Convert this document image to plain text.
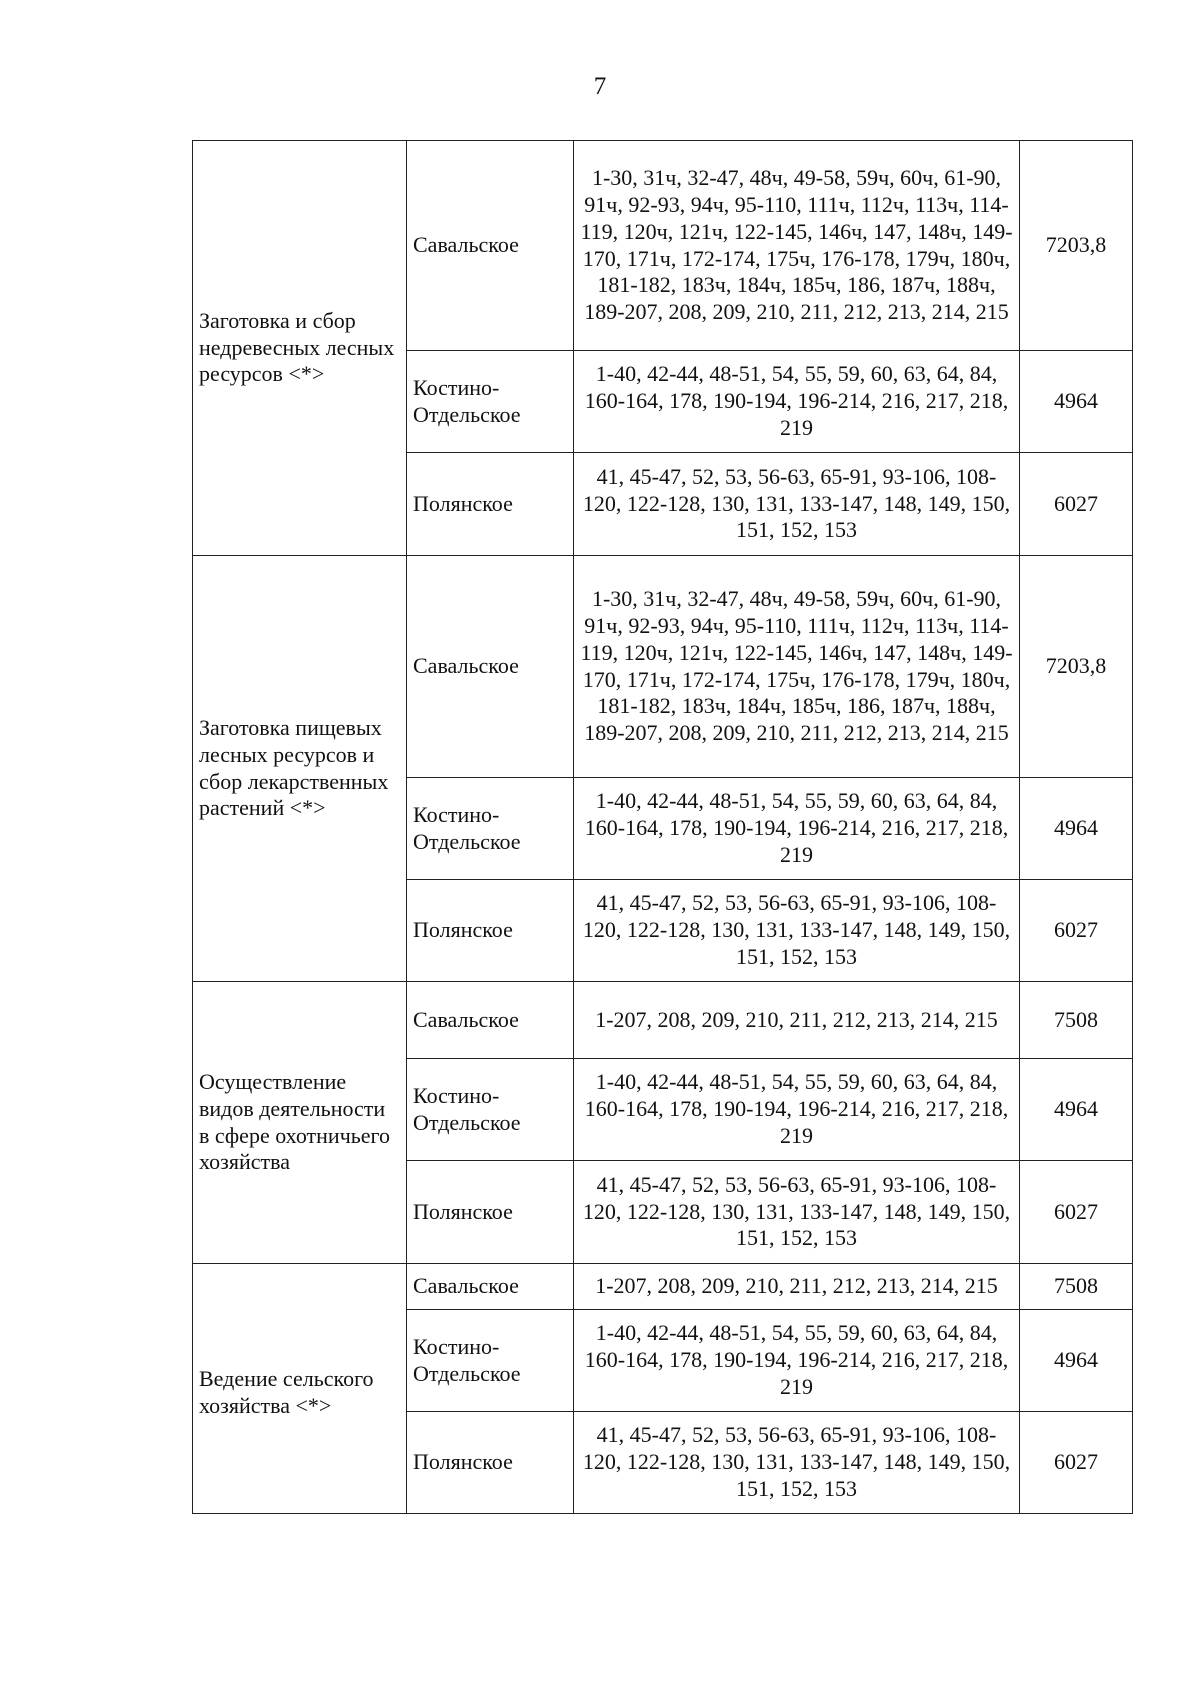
7
Заготовка и сбор недревесных лесных ресурсов <*>	Савальское	1-30, 31ч, 32-47, 48ч, 49-58, 59ч, 60ч, 61-90, 91ч, 92-93, 94ч, 95-110, 111ч, 112ч, 113ч, 114-119, 120ч, 121ч, 122-145, 146ч, 147, 148ч, 149-170, 171ч, 172-174, 175ч, 176-178, 179ч, 180ч, 181-182, 183ч, 184ч, 185ч, 186, 187ч, 188ч, 189-207, 208, 209, 210, 211, 212, 213, 214, 215	7203,8
	Костино-Отдельское	1-40, 42-44, 48-51, 54, 55, 59, 60, 63, 64, 84, 160-164, 178, 190-194, 196-214, 216, 217, 218, 219	4964
	Полянское	41, 45-47, 52, 53, 56-63, 65-91, 93-106, 108-120, 122-128, 130, 131, 133-147, 148, 149, 150, 151, 152, 153	6027
Заготовка пищевых лесных ресурсов и сбор лекарственных растений <*>	Савальское	1-30, 31ч, 32-47, 48ч, 49-58, 59ч, 60ч, 61-90, 91ч, 92-93, 94ч, 95-110, 111ч, 112ч, 113ч, 114-119, 120ч, 121ч, 122-145, 146ч, 147, 148ч, 149-170, 171ч, 172-174, 175ч, 176-178, 179ч, 180ч, 181-182, 183ч, 184ч, 185ч, 186, 187ч, 188ч, 189-207, 208, 209, 210, 211, 212, 213, 214, 215	7203,8
	Костино-Отдельское	1-40, 42-44, 48-51, 54, 55, 59, 60, 63, 64, 84, 160-164, 178, 190-194, 196-214, 216, 217, 218, 219	4964
	Полянское	41, 45-47, 52, 53, 56-63, 65-91, 93-106, 108-120, 122-128, 130, 131, 133-147, 148, 149, 150, 151, 152, 153	6027
Осуществление видов деятельности в сфере охотничьего хозяйства	Савальское	1-207, 208, 209, 210, 211, 212, 213, 214, 215	7508
	Костино-Отдельское	1-40, 42-44, 48-51, 54, 55, 59, 60, 63, 64, 84, 160-164, 178, 190-194, 196-214, 216, 217, 218, 219	4964
	Полянское	41, 45-47, 52, 53, 56-63, 65-91, 93-106, 108-120, 122-128, 130, 131, 133-147, 148, 149, 150, 151, 152, 153	6027
Ведение сельского хозяйства <*>	Савальское	1-207, 208, 209, 210, 211, 212, 213, 214, 215	7508
	Костино-Отдельское	1-40, 42-44, 48-51, 54, 55, 59, 60, 63, 64, 84, 160-164, 178, 190-194, 196-214, 216, 217, 218, 219	4964
	Полянское	41, 45-47, 52, 53, 56-63, 65-91, 93-106, 108-120, 122-128, 130, 131, 133-147, 148, 149, 150, 151, 152, 153	6027
